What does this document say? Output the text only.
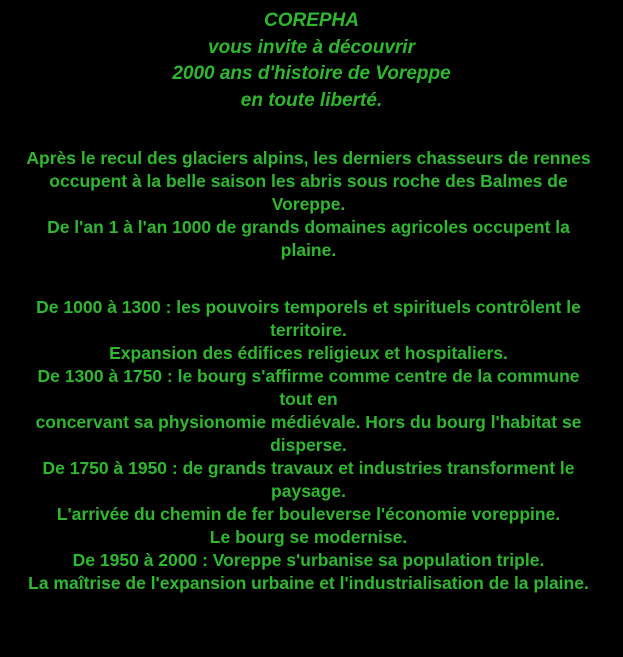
COREPHA
vous invite à découvrir
2000 ans d'histoire de Voreppe
en toute liberté.
Après le recul des glaciers alpins, les derniers chasseurs de rennes
occupent à la belle saison les abris sous roche des Balmes de Voreppe.
De l'an 1 à l'an 1000 de grands domaines agricoles occupent la plaine.
De 1000 à 1300 : les pouvoirs temporels et spirituels contrôlent le territoire.
Expansion des édifices religieux et hospitaliers.
De 1300 à 1750 : le bourg s'affirme comme centre de la commune tout en
concervant sa physionomie médiévale. Hors du bourg l'habitat se disperse.
De 1750 à 1950 : de grands travaux et industries transforment le paysage.
L'arrivée du chemin de fer bouleverse l'économie voreppine.
Le bourg se modernise.
De 1950 à 2000 : Voreppe s'urbanise sa population triple.
La maîtrise de l'expansion urbaine et l'industrialisation de la plaine.
